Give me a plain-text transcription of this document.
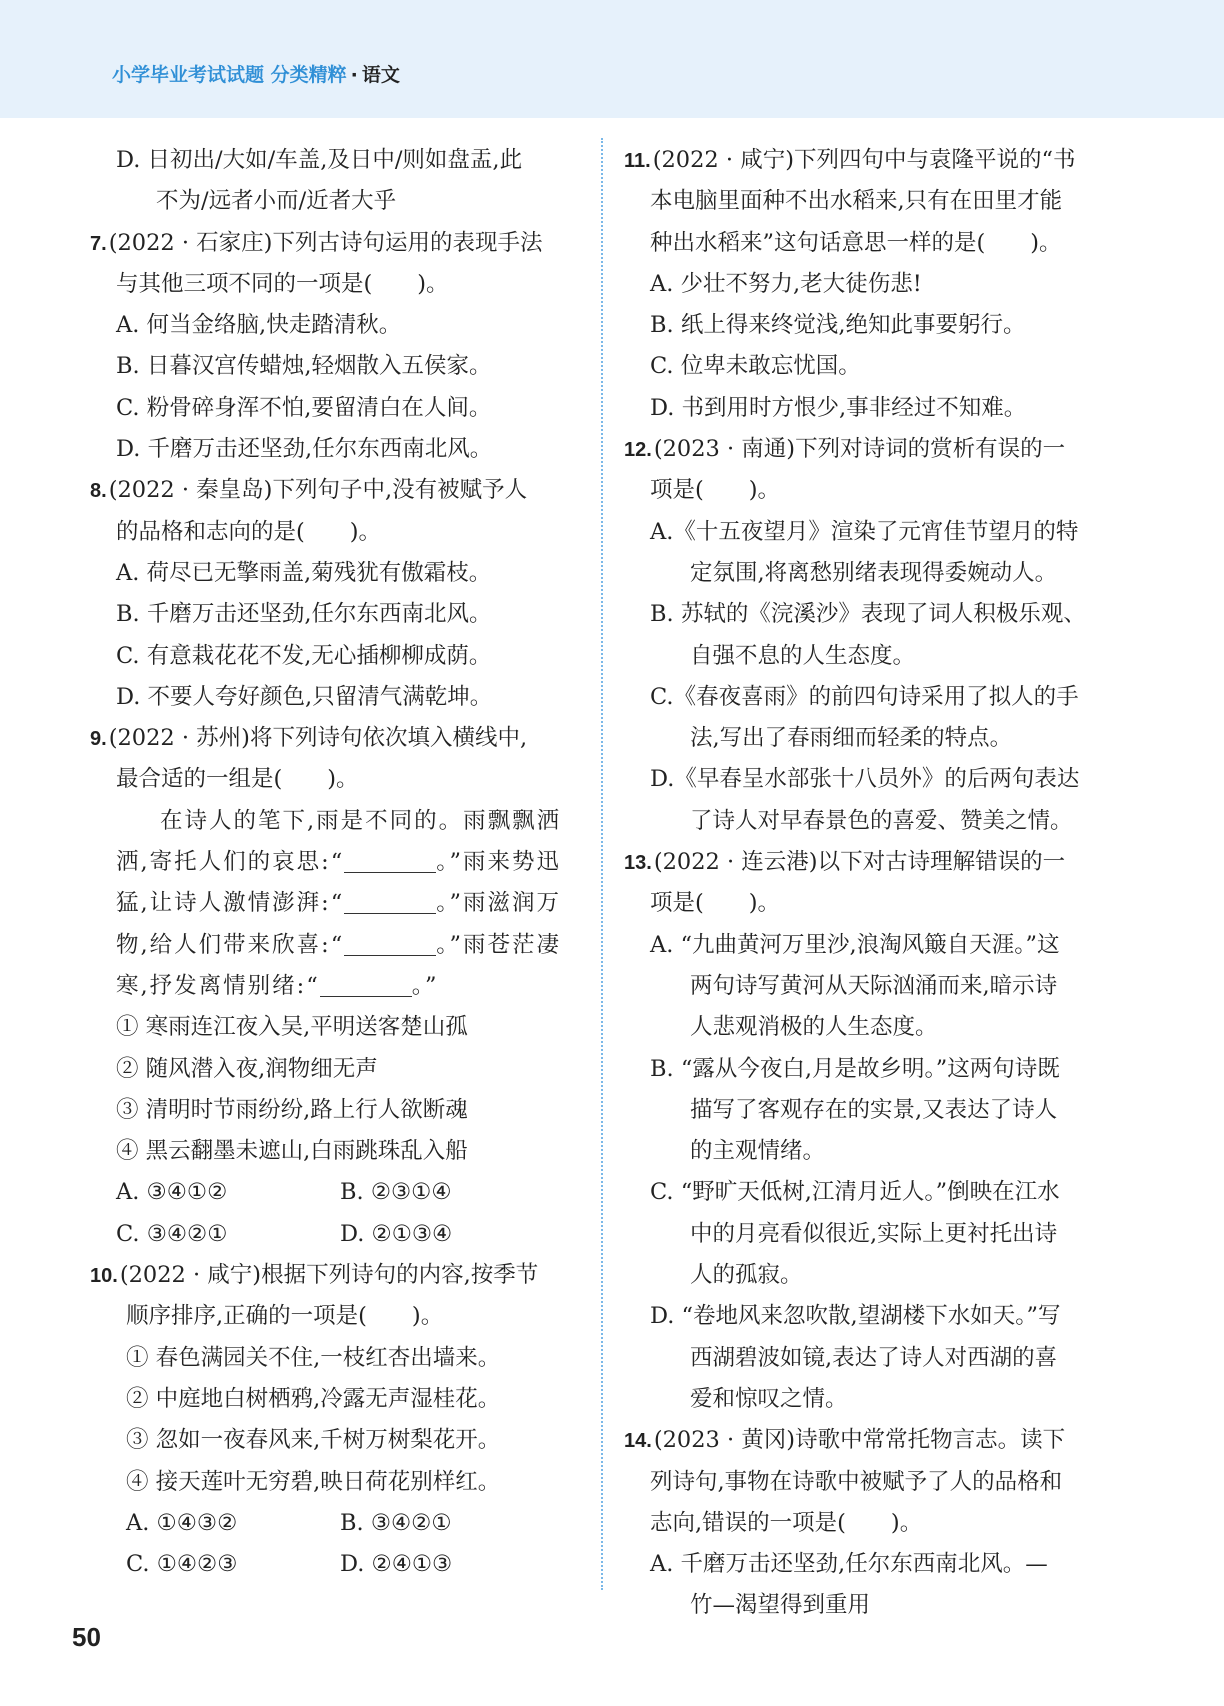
小学毕业考试试题 分类精粹 · 语文
D. 日初出/大如/车盖,及日中/则如盘盂,此
不为/远者小而/近者大乎
7.(2022 · 石家庄)下列古诗句运用的表现手法
与其他三项不同的一项是(　　)。
A. 何当金络脑,快走踏清秋。
B. 日暮汉宫传蜡烛,轻烟散入五侯家。
C. 粉骨碎身浑不怕,要留清白在人间。
D. 千磨万击还坚劲,任尔东西南北风。
8.(2022 · 秦皇岛)下列句子中,没有被赋予人
的品格和志向的是(　　)。
A. 荷尽已无擎雨盖,菊残犹有傲霜枝。
B. 千磨万击还坚劲,任尔东西南北风。
C. 有意栽花花不发,无心插柳柳成荫。
D. 不要人夸好颜色,只留清气满乾坤。
9.(2022 · 苏州)将下列诗句依次填入横线中,
最合适的一组是(　　)。
在诗人的笔下,雨是不同的。雨飘飘洒
洒,寄托人们的哀思:“	。”雨来势迅
猛,让诗人激情澎湃:“	。”雨滋润万
物,给人们带来欣喜:“	。”雨苍茫凄
寒,抒发离情别绪:“	。”
① 寒雨连江夜入吴,平明送客楚山孤
② 随风潜入夜,润物细无声
③ 清明时节雨纷纷,路上行人欲断魂
④ 黑云翻墨未遮山,白雨跳珠乱入船
A. ③④①②	B. ②③①④
C. ③④②①	D. ②①③④
10.(2022 · 咸宁)根据下列诗句的内容,按季节
顺序排序,正确的一项是(　　)。
① 春色满园关不住,一枝红杏出墙来。
② 中庭地白树栖鸦,冷露无声湿桂花。
③ 忽如一夜春风来,千树万树梨花开。
④ 接天莲叶无穷碧,映日荷花别样红。
A. ①④③②	B. ③④②①
C. ①④②③	D. ②④①③
11.(2022 · 咸宁)下列四句中与袁隆平说的“书
本电脑里面种不出水稻来,只有在田里才能
种出水稻来”这句话意思一样的是(　　)。
A. 少壮不努力,老大徒伤悲!
B. 纸上得来终觉浅,绝知此事要躬行。
C. 位卑未敢忘忧国。
D. 书到用时方恨少,事非经过不知难。
12.(2023 · 南通)下列对诗词的赏析有误的一
项是(　　)。
A.《十五夜望月》渲染了元宵佳节望月的特
定氛围,将离愁别绪表现得委婉动人。
B. 苏轼的《浣溪沙》表现了词人积极乐观、
自强不息的人生态度。
C.《春夜喜雨》的前四句诗采用了拟人的手
法,写出了春雨细而轻柔的特点。
D.《早春呈水部张十八员外》的后两句表达
了诗人对早春景色的喜爱、赞美之情。
13.(2022 · 连云港)以下对古诗理解错误的一
项是(　　)。
A. “九曲黄河万里沙,浪淘风簸自天涯。”这
两句诗写黄河从天际汹涌而来,暗示诗
人悲观消极的人生态度。
B. “露从今夜白,月是故乡明。”这两句诗既
描写了客观存在的实景,又表达了诗人
的主观情绪。
C. “野旷天低树,江清月近人。”倒映在江水
中的月亮看似很近,实际上更衬托出诗
人的孤寂。
D. “卷地风来忽吹散,望湖楼下水如天。”写
西湖碧波如镜,表达了诗人对西湖的喜
爱和惊叹之情。
14.(2023 · 黄冈)诗歌中常常托物言志。读下
列诗句,事物在诗歌中被赋予了人的品格和
志向,错误的一项是(　　)。
A. 千磨万击还坚劲,任尔东西南北风。—
竹—渴望得到重用
50
